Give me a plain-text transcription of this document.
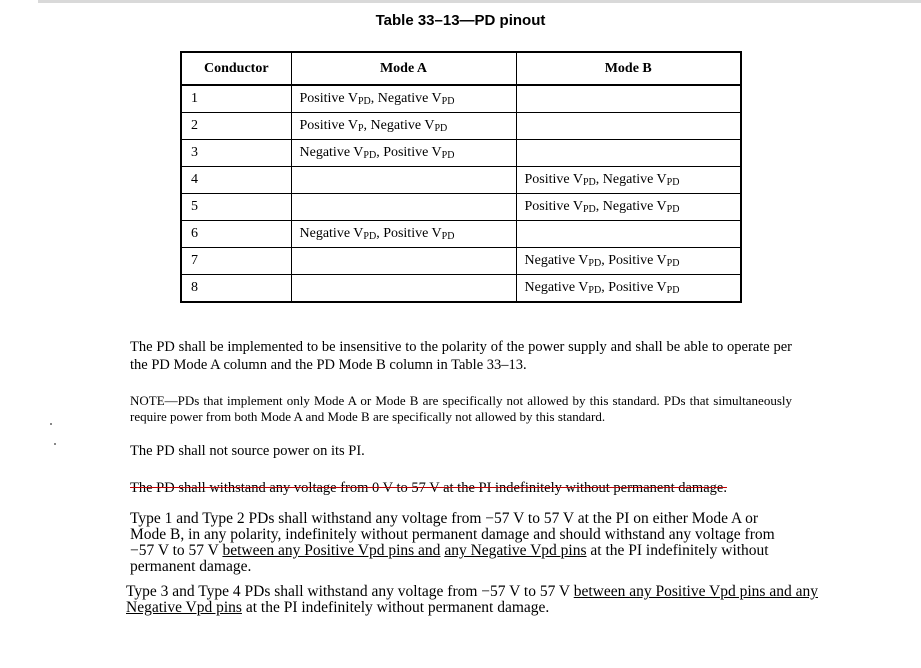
Table 33–13—PD pinout
Conductor	Mode A	Mode B
1	Positive $V_{PD}$, Negative $V_{PD}$	
2	Positive $V_P$, Negative $V_{PD}$	
3	Negative $V_{PD}$, Positive $V_{PD}$	
4		Positive $V_{PD}$, Negative $V_{PD}$
5		Positive $V_{PD}$, Negative $V_{PD}$
6	Negative $V_{PD}$, Positive $V_{PD}$	
7		Negative $V_{PD}$, Positive $V_{PD}$
8		Negative $V_{PD}$, Positive $V_{PD}$
The PD shall be implemented to be insensitive to the polarity of the power supply and shall be able to operate per the PD Mode A column and the PD Mode B column in Table 33–13.
NOTE—PDs that implement only Mode A or Mode B are specifically not allowed by this standard. PDs that simultaneously require power from both Mode A and Mode B are specifically not allowed by this standard.
The PD shall not source power on its PI.
The PD shall withstand any voltage from 0 V to 57 V at the PI indefinitely without permanent damage.
Type 1 and Type 2 PDs shall withstand any voltage from −57 V to 57 V at the PI on either Mode A or
Mode B, in any polarity, indefinitely without permanent damage and should withstand any voltage from
−57 V to 57 V between any Positive Vpd pins and any Negative Vpd pins at the PI indefinitely without
permanent damage.
Type 3 and Type 4 PDs shall withstand any voltage from −57 V to 57 V between any Positive Vpd pins and any
Negative Vpd pins at the PI indefinitely without permanent damage.
